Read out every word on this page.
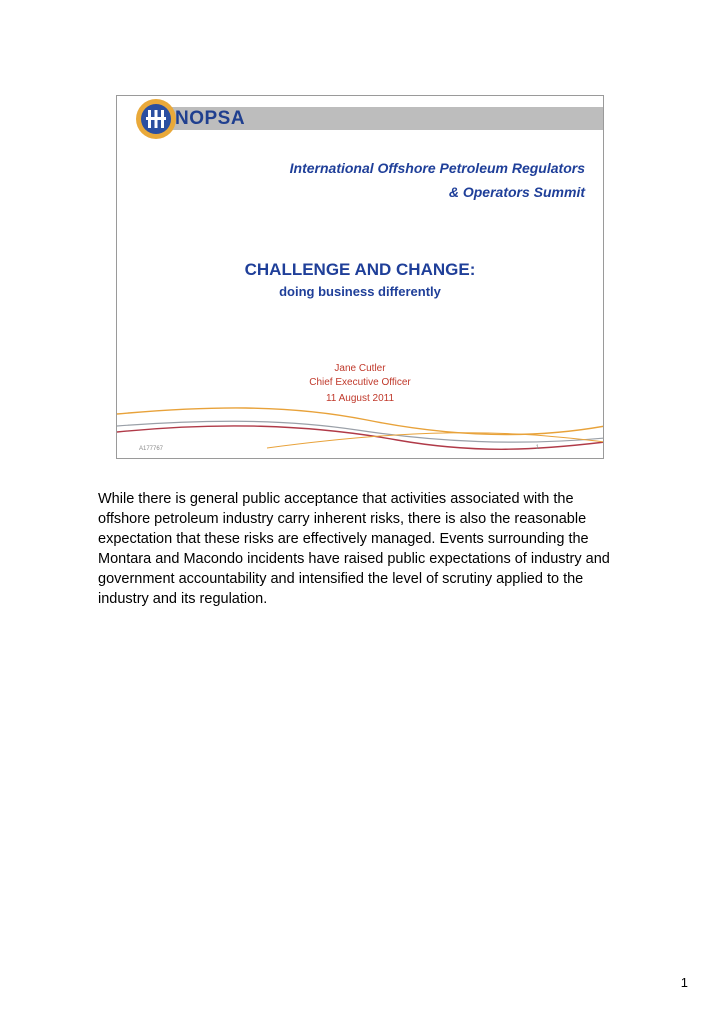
NOPSA
International Offshore Petroleum Regulators
& Operators Summit
CHALLENGE AND CHANGE:
doing business differently
Jane Cutler
Chief Executive Officer
11 August 2011
A177767	1
While there is general public acceptance that activities associated with the offshore petroleum industry carry inherent risks, there is also the reasonable expectation that these risks are effectively managed. Events surrounding the Montara and Macondo incidents have raised public expectations of industry and government accountability and intensified the level of scrutiny applied to the industry and its regulation.
1
